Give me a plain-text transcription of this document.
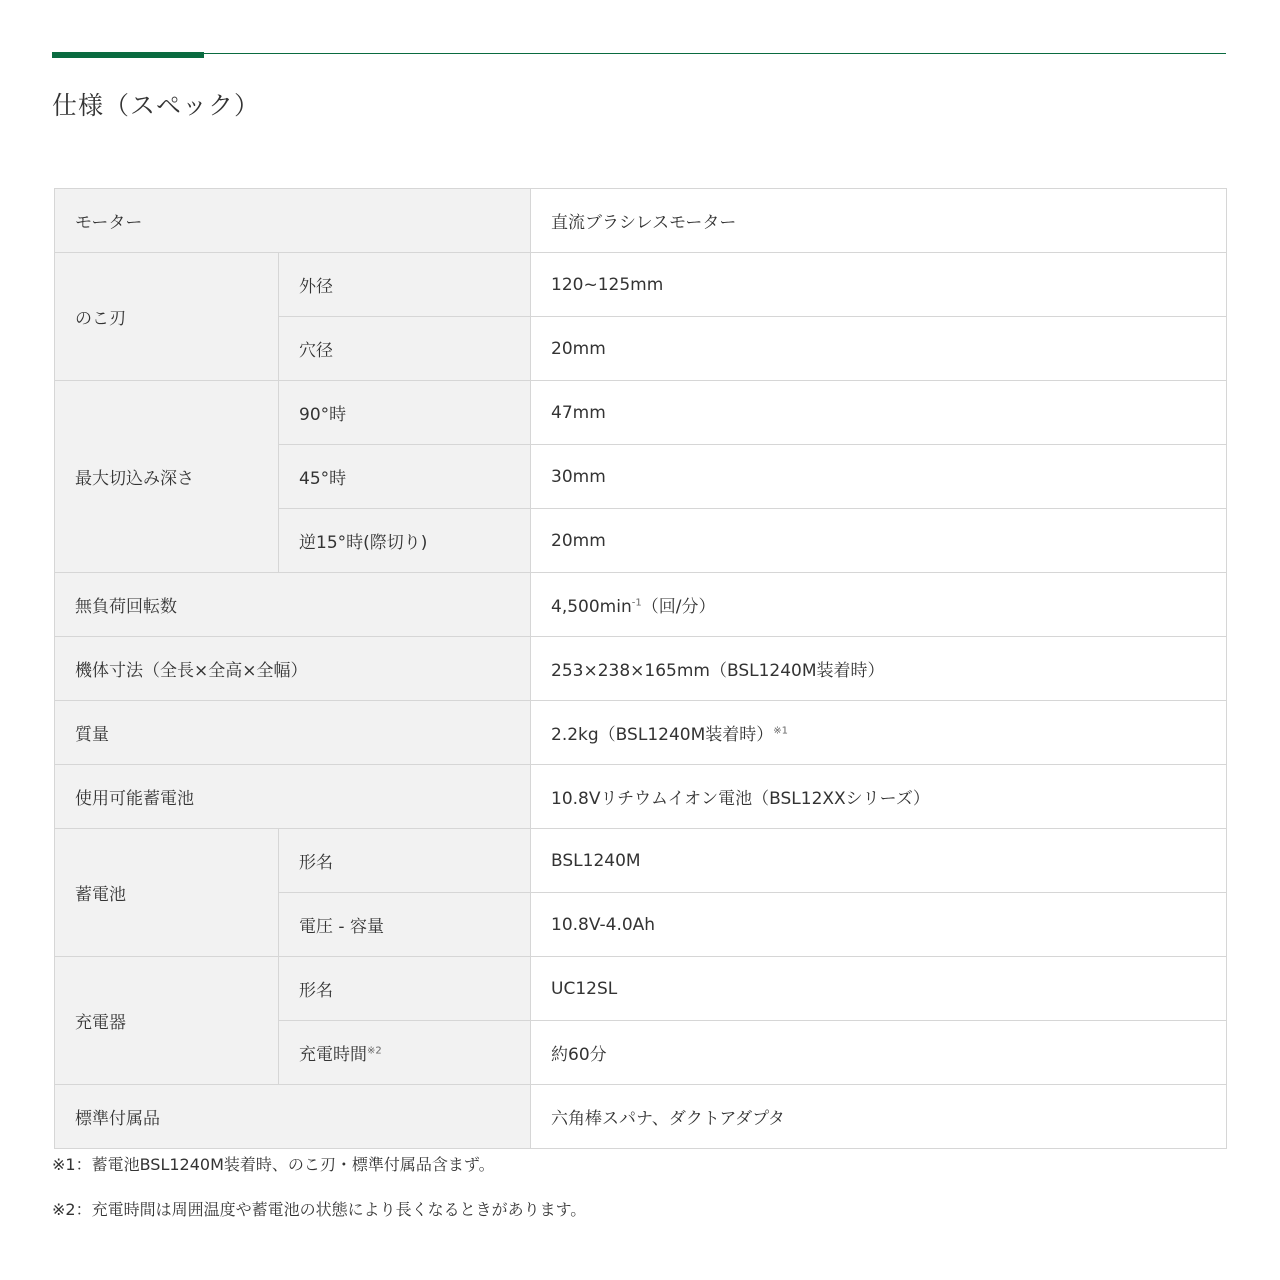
仕様（スペック）
モーター		直流ブラシレスモーター
のこ刃	外径	120~125mm
	穴径	20mm
最大切込み深さ	90°時	47mm
	45°時	30mm
	逆15°時(際切り)	20mm
無負荷回転数		$4,500\min^{-1}$（回/分）
機体寸法（全長×全高×全幅）		253×238×165mm（BSL1240M装着時）
質量		2.2kg（BSL1240M装着時）$^{※1}$
使用可能蓄電池		10.8Vリチウムイオン電池（BSL12XXシリーズ）
蓄電池	形名	BSL1240M
	電圧 - 容量	10.8V-4.0Ah
充電器	形名	UC12SL
	充電時間$^{※2}$	約60分
標準付属品		六角棒スパナ、ダクトアダプタ

※1：蓄電池BSL1240M装着時、のこ刃・標準付属品含まず。

※2：充電時間は周囲温度や蓄電池の状態により長くなるときがあります。
